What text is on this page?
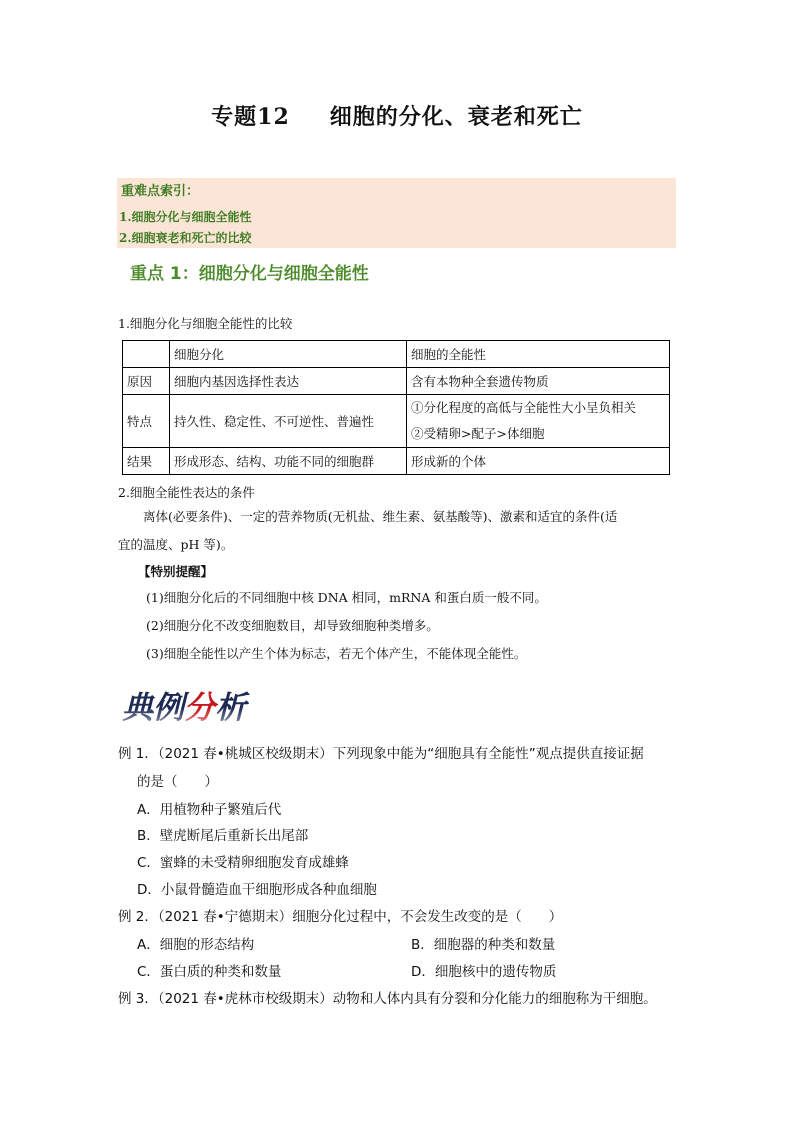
专题12 细胞的分化、衰老和死亡
重难点索引：
1.细胞分化与细胞全能性
2.细胞衰老和死亡的比较
重点 1：细胞分化与细胞全能性
1.细胞分化与细胞全能性的比较
	细胞分化	细胞的全能性
原因	细胞内基因选择性表达	含有本物种全套遗传物质
特点	持久性、稳定性、不可逆性、普遍性	①分化程度的高低与全能性大小呈负相关
②受精卵>配子>体细胞

结果	形成形态、结构、功能不同的细胞群	形成新的个体
2.细胞全能性表达的条件
离体(必要条件)、一定的营养物质(无机盐、维生素、氨基酸等)、激素和适宜的条件(适
宜的温度、pH 等)。
【特别提醒】
(1)细胞分化后的不同细胞中核 DNA 相同，mRNA 和蛋白质一般不同。
(2)细胞分化不改变细胞数目，却导致细胞种类增多。
(3)细胞全能性以产生个体为标志，若无个体产生，不能体现全能性。
例 1．（2021 春•桃城区校级期末）下列现象中能为“细胞具有全能性”观点提供直接证据
的是（　　）
A．用植物种子繁殖后代
B．壁虎断尾后重新长出尾部
C．蜜蜂的未受精卵细胞发育成雄蜂
D．小鼠骨髓造血干细胞形成各种血细胞
例 2．（2021 春•宁德期末）细胞分化过程中，不会发生改变的是（　　）
A．细胞的形态结构	B．细胞器的种类和数量
C．蛋白质的种类和数量	D．细胞核中的遗传物质
例 3．（2021 春•虎林市校级期末）动物和人体内具有分裂和分化能力的细胞称为干细胞。
